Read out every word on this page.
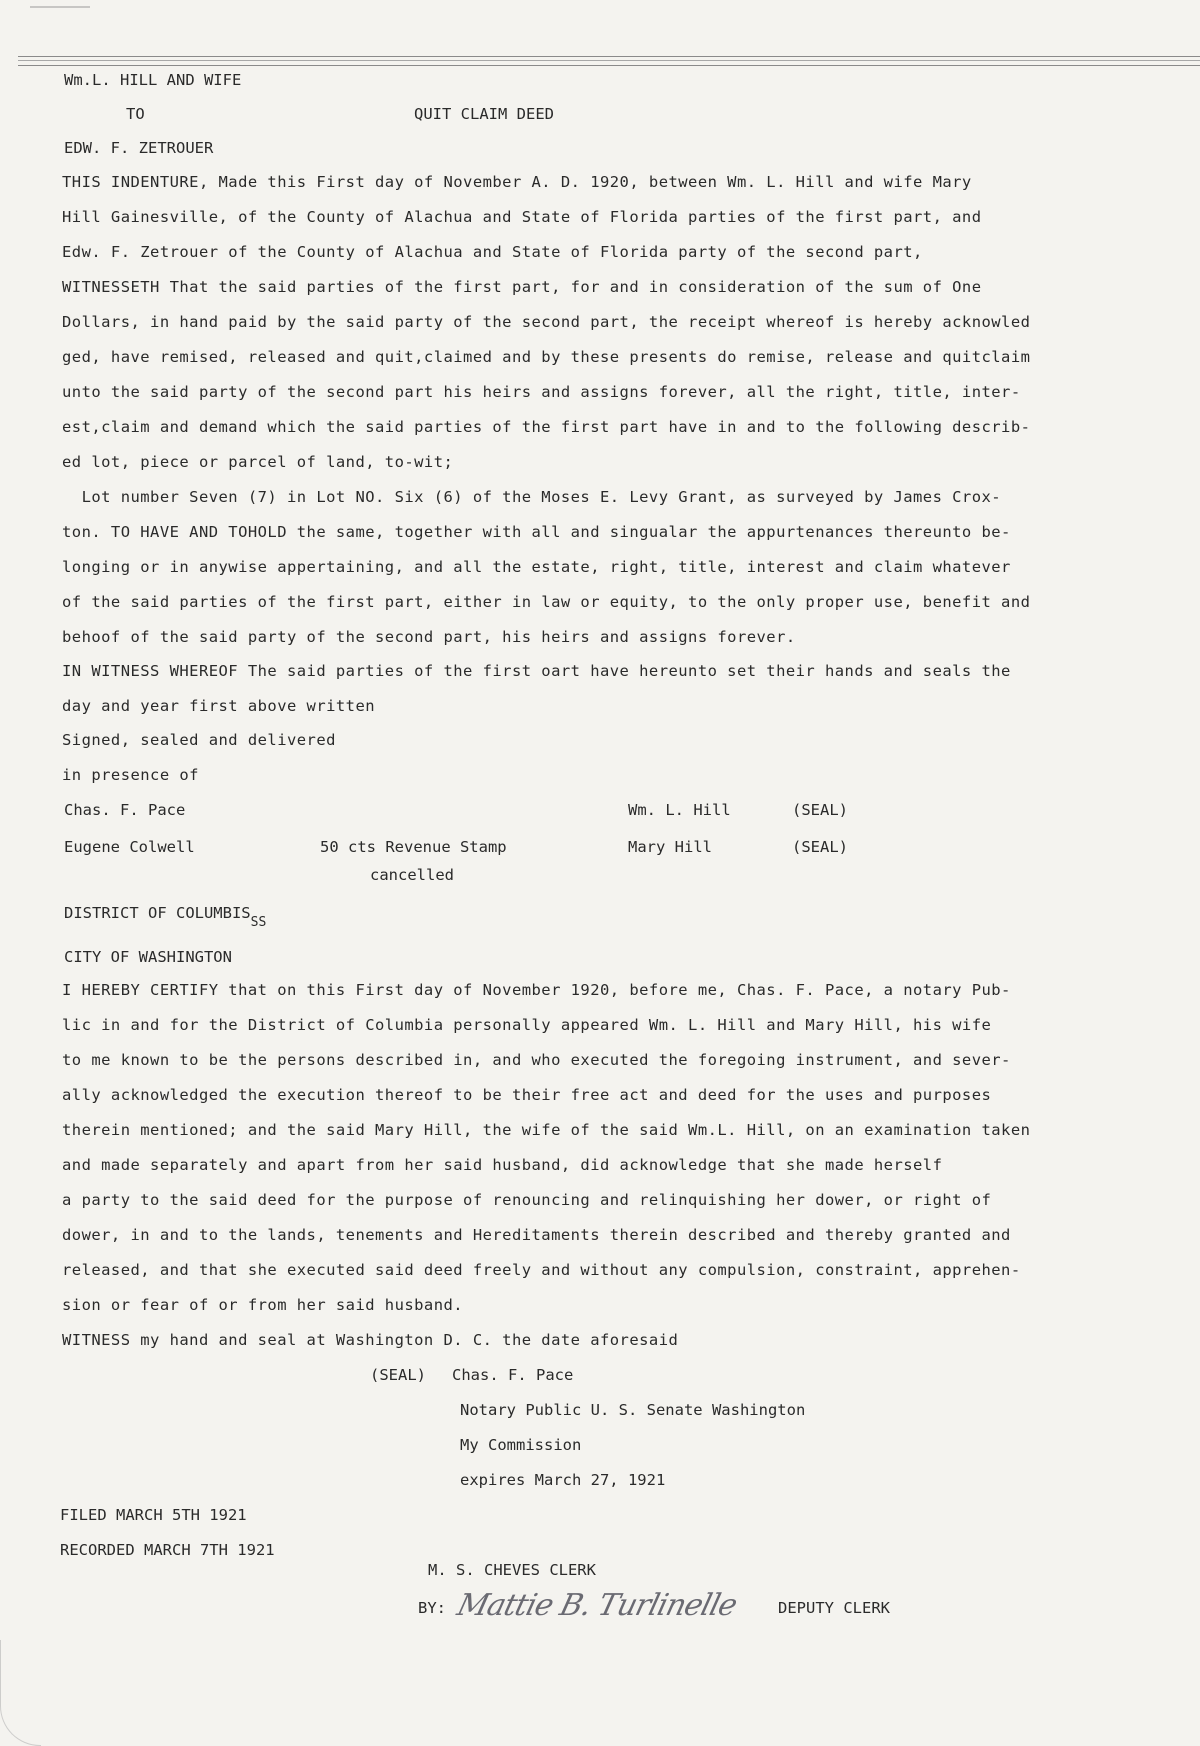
Wm.L. HILL AND WIFE
TO	QUIT CLAIM DEED
EDW. F. ZETROUER
THIS INDENTURE, Made this First day of November A. D. 1920, between Wm. L. Hill and wife Mary
Hill Gainesville, of the County of Alachua and State of Florida parties of the first part, and
Edw. F. Zetrouer of the County of Alachua and State of Florida party of the second part,
WITNESSETH That the said parties of the first part, for and in consideration of the sum of One
Dollars, in hand paid by the said party of the second part, the receipt whereof is hereby acknowled
ged, have remised, released and quit,claimed and by these presents do remise, release and quitclaim
unto the said party of the second part his heirs and assigns forever, all the right, title, inter-
est,claim and demand which the said parties of the first part have in and to the following describ-
ed lot, piece or parcel of land, to-wit;
Lot number Seven (7) in Lot NO. Six (6) of the Moses E. Levy Grant, as surveyed by James Crox-
ton. TO HAVE AND TOHOLD the same, together with all and singualar the appurtenances thereunto be-
longing or in anywise appertaining, and all the estate, right, title, interest and claim whatever
of the said parties of the first part, either in law or equity, to the only proper use, benefit and
behoof of the said party of the second part, his heirs and assigns forever.
IN WITNESS WHEREOF The said parties of the first oart have hereunto set their hands and seals the
day and year first above written
Signed, sealed and delivered
in presence of
Chas. F. Pace	Wm. L. Hill	(SEAL)
Eugene Colwell	50 cts Revenue Stamp
cancelled
Mary Hill	(SEAL)
DISTRICT OF $COLUMBIS_{SS}$
CITY OF WASHINGTON
I HEREBY CERTIFY that on this First day of November 1920, before me, Chas. F. Pace, a notary Pub-
lic in and for the District of Columbia personally appeared Wm. L. Hill and Mary Hill, his wife
to me known to be the persons described in, and who executed the foregoing instrument, and sever-
ally acknowledged the execution thereof to be their free act and deed for the uses and purposes
therein mentioned; and the said Mary Hill, the wife of the said Wm.L. Hill, on an examination taken
and made separately and apart from her said husband, did acknowledge that she made herself
a party to the said deed for the purpose of renouncing and relinquishing her dower, or right of
dower, in and to the lands, tenements and Hereditaments therein described and thereby granted and
released, and that she executed said deed freely and without any compulsion, constraint, apprehen-
sion or fear of or from her said husband.
WITNESS my hand and seal at Washington D. C. the date aforesaid
(SEAL) Chas. F. Pace
Notary Public U. S. Senate Washington
My Commission
expires March 27, 1921
FILED MARCH 5TH 1921
RECORDED MARCH 7TH 1921
M. S. CHEVES CLERK
BY: Mattie B. Turlinelle DEPUTY CLERK
